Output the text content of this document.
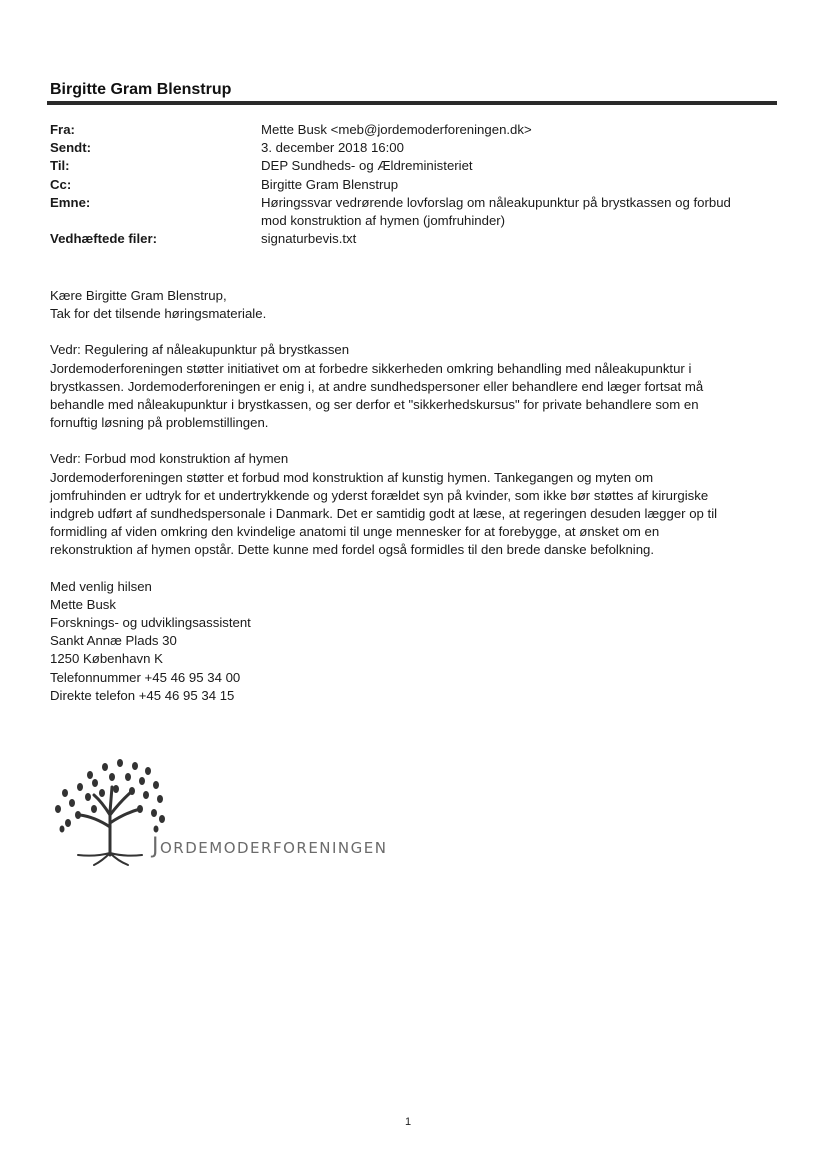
Birgitte Gram Blenstrup
Fra:	Mette Busk <meb@jordemoderforeningen.dk>
Sendt:	3. december 2018 16:00
Til:	DEP Sundheds- og Ældreministeriet
Cc:	Birgitte Gram Blenstrup
Emne:	Høringssvar vedrørende lovforslag om nåleakupunktur på brystkassen og forbud
mod konstruktion af hymen (jomfruhinder)
Vedhæftede filer:	signaturbevis.txt
Kære Birgitte Gram Blenstrup,
Tak for det tilsende høringsmateriale.
Vedr: Regulering af nåleakupunktur på brystkassen
Jordemoderforeningen støtter initiativet om at forbedre sikkerheden omkring behandling med nåleakupunktur i
brystkassen. Jordemoderforeningen er enig i, at andre sundhedspersoner eller behandlere end læger fortsat må
behandle med nåleakupunktur i brystkassen, og ser derfor et "sikkerhedskursus" for private behandlere som en
fornuftig løsning på problemstillingen.
Vedr: Forbud mod konstruktion af hymen
Jordemoderforeningen støtter et forbud mod konstruktion af kunstig hymen. Tankegangen og myten om
jomfruhinden er udtryk for et undertrykkende og yderst forældet syn på kvinder, som ikke bør støttes af kirurgiske
indgreb udført af sundhedspersonale i Danmark. Det er samtidig godt at læse, at regeringen desuden lægger op til
formidling af viden omkring den kvindelige anatomi til unge mennesker for at forebygge, at ønsket om en
rekonstruktion af hymen opstår. Dette kunne med fordel også formidles til den brede danske befolkning.
Med venlig hilsen
Mette Busk
Forsknings- og udviklingsassistent
Sankt Annæ Plads 30
1250 København K
Telefonnummer +45 46 95 34 00
Direkte telefon +45 46 95 34 15
JORDEMODERFORENINGEN
1
